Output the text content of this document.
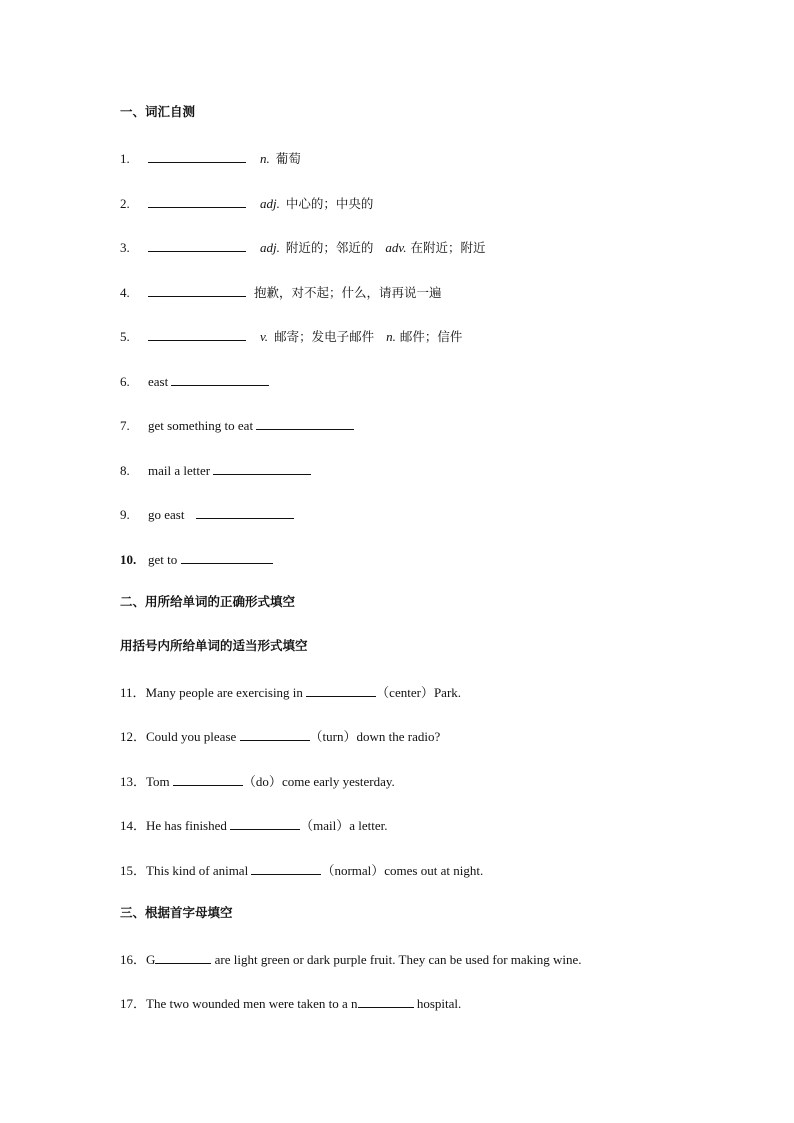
一、词汇自测
1.	n. 葡萄
2.	adj. 中心的；中央的
3.	adj. 附近的；邻近的 adv. 在附近；附近
4.	抱歉，对不起；什么，请再说一遍
5.	v. 邮寄；发电子邮件 n. 邮件；信件
6. east
7. get something to eat
8. mail a letter
9. go east
10. get to
二、用所给单词的正确形式填空
用括号内所给单词的适当形式填空
11．Many people are exercising in	（center）Park.
12．Could you please	（turn）down the radio?
13．Tom	（do）come early yesterday.
14．He has finished	（mail）a letter.
15．This kind of animal	（normal）comes out at night.
三、根据首字母填空
16．G	are light green or dark purple fruit. They can be used for making wine.
17．The two wounded men were taken to a n	hospital.
